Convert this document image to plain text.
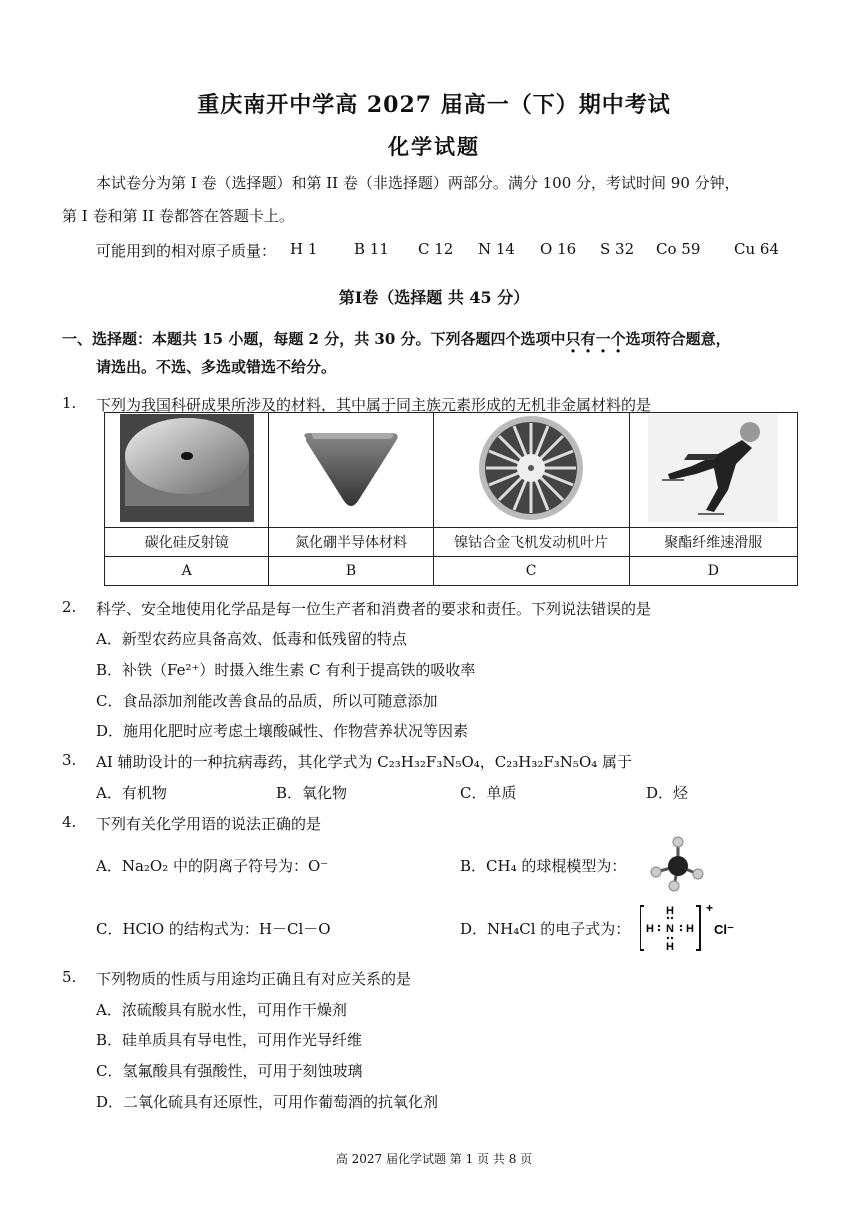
重庆南开中学高 2027 届高一（下）期中考试
化学试题
本试卷分为第 I 卷（选择题）和第 II 卷（非选择题）两部分。满分 100 分，考试时间 90 分钟，
第 I 卷和第 II 卷都答在答题卡上。
可能用到的相对原子质量： H 1 B 11 C 12 N 14 O 16 S 32 Co 59 Cu 64
第I卷（选择题 共 45 分）
一、选择题：本题共 15 小题，每题 2 分，共 30 分。下列各题四个选项中只有一个选项符合题意，
请选出。不选、多选或错选不给分。
1. 下列为我国科研成果所涉及的材料，其中属于同主族元素形成的无机非金属材料的是

碳化硅反射镜	氮化硼半导体材料	镍钴合金飞机发动机叶片	聚酯纤维速滑服
A	B	C	D
2. 科学、安全地使用化学品是每一位生产者和消费者的要求和责任。下列说法错误的是
A．新型农药应具备高效、低毒和低残留的特点
B．补铁（Fe²⁺）时摄入维生素 C 有利于提高铁的吸收率
C．食品添加剂能改善食品的品质，所以可随意添加
D．施用化肥时应考虑土壤酸碱性、作物营养状况等因素
3. AI 辅助设计的一种抗病毒药，其化学式为 C₂₃H₃₂F₃N₅O₄，C₂₃H₃₂F₃N₅O₄ 属于
A．有机物	B．氧化物	C．单质	D．烃
4. 下列有关化学用语的说法正确的是
A．Na₂O₂ 中的阴离子符号为：O⁻	B．CH₄ 的球棍模型为：
C．HClO 的结构式为：H－Cl－O	D．NH₄Cl 的电子式为：
H
H N H
H
+
Cl⁻
5. 下列物质的性质与用途均正确且有对应关系的是
A．浓硫酸具有脱水性，可用作干燥剂
B．硅单质具有导电性，可用作光导纤维
C．氢氟酸具有强酸性，可用于刻蚀玻璃
D．二氧化硫具有还原性，可用作葡萄酒的抗氧化剂
高 2027 届化学试题 第 1 页 共 8 页
